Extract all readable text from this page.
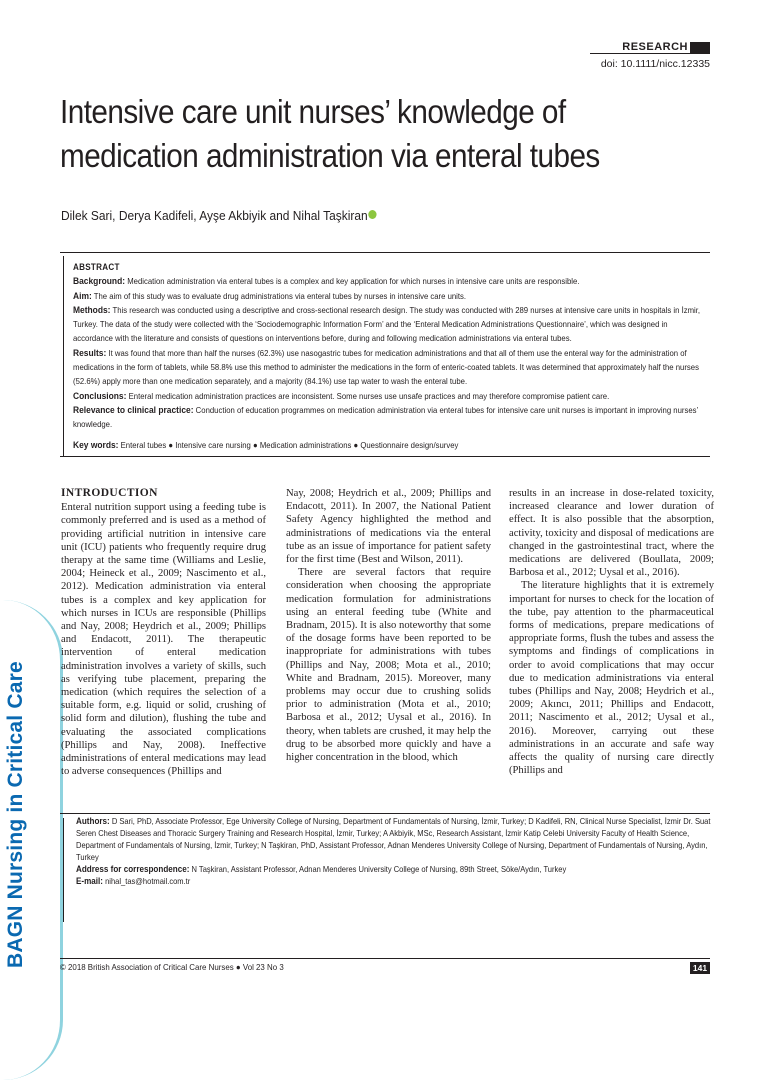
BAGN Nursing in Critical Care
RESEARCH
doi: 10.1111/nicc.12335
Intensive care unit nurses’ knowledge of medication administration via enteral tubes
Dilek Sari, Derya Kadifeli, Ayşe Akbiyik and Nihal Taşkiran
ABSTRACT
Background: Medication administration via enteral tubes is a complex and key application for which nurses in intensive care units are responsible.
Aim: The aim of this study was to evaluate drug administrations via enteral tubes by nurses in intensive care units.
Methods: This research was conducted using a descriptive and cross-sectional research design. The study was conducted with 289 nurses at intensive care units in hospitals in İzmir, Turkey. The data of the study were collected with the ‘Sociodemographic Information Form’ and the ‘Enteral Medication Administrations Questionnaire’, which was designed in accordance with the literature and consists of questions on interventions before, during and following medication administrations via enteral tubes.
Results: It was found that more than half the nurses (62.3%) use nasogastric tubes for medication administrations and that all of them use the enteral way for the administration of medications in the form of tablets, while 58.8% use this method to administer the medications in the form of enteric-coated tablets. It was determined that approximately half the nurses (52.6%) apply more than one medication separately, and a majority (84.1%) use tap water to wash the enteral tube.
Conclusions: Enteral medication administration practices are inconsistent. Some nurses use unsafe practices and may therefore compromise patient care.
Relevance to clinical practice: Conduction of education programmes on medication administration via enteral tubes for intensive care unit nurses is important in improving nurses’ knowledge.
Key words: Enteral tubes ● Intensive care nursing ● Medication administrations ● Questionnaire design/survey
INTRODUCTION

Enteral nutrition support using a feeding tube is commonly preferred and is used as a method of providing artificial nutrition in intensive care unit (ICU) patients who frequently require drug therapy at the same time (Williams and Leslie, 2004; Heineck et al., 2009; Nascimento et al., 2012). Medication administration via enteral tubes is a complex and key application for which nurses in ICUs are responsible (Phillips and Nay, 2008; Heydrich et al., 2009; Phillips and Endacott, 2011). The therapeutic intervention of enteral medication administration involves a variety of skills, such as verifying tube placement, preparing the medication (which requires the selection of a suitable form, e.g. liquid or solid, crushing of solid form and dilution), flushing the tube and evaluating the associated complications (Phillips and Nay, 2008). Ineffective administrations of enteral medications may lead to adverse consequences (Phillips and

Nay, 2008; Heydrich et al., 2009; Phillips and Endacott, 2011). In 2007, the National Patient Safety Agency highlighted the method and administrations of medications via the enteral tube as an issue of importance for patient safety for the first time (Best and Wilson, 2011).

There are several factors that require consideration when choosing the appropriate medication formulation for administrations using an enteral feeding tube (White and Bradnam, 2015). It is also noteworthy that some of the dosage forms have been reported to be inappropriate for administrations with tubes (Phillips and Nay, 2008; Mota et al., 2010; White and Bradnam, 2015). Moreover, many problems may occur due to crushing solids prior to administration (Mota et al., 2010; Barbosa et al., 2012; Uysal et al., 2016). In theory, when tablets are crushed, it may help the drug to be absorbed more quickly and have a higher concentration in the blood, which

results in an increase in dose-related toxicity, increased clearance and lower duration of effect. It is also possible that the absorption, activity, toxicity and disposal of medications are changed in the gastrointestinal tract, where the medications are delivered (Boullata, 2009; Barbosa et al., 2012; Uysal et al., 2016).

The literature highlights that it is extremely important for nurses to check for the location of the tube, pay attention to the pharmaceutical forms of medications, prepare medications of appropriate forms, flush the tubes and assess the symptoms and findings of complications in order to avoid complications that may occur due to medication administrations via enteral tubes (Phillips and Nay, 2008; Heydrich et al., 2009; Akıncı, 2011; Phillips and Endacott, 2011; Nascimento et al., 2012; Uysal et al., 2016). Moreover, carrying out these administrations in an accurate and safe way affects the quality of nursing care directly (Phillips and

Authors: D Sari, PhD, Associate Professor, Ege University College of Nursing, Department of Fundamentals of Nursing, İzmir, Turkey; D Kadifeli, RN, Clinical Nurse Specialist, İzmir Dr. Suat Seren Chest Diseases and Thoracic Surgery Training and Research Hospital, İzmir, Turkey; A Akbiyik, MSc, Research Assistant, İzmir Katip Celebi University Faculty of Health Science, Department of Fundamentals of Nursing, İzmir, Turkey; N Taşkiran, PhD, Assistant Professor, Adnan Menderes University College of Nursing, Department of Fundamentals of Nursing, Aydın, Turkey
Address for correspondence: N Taşkiran, Assistant Professor, Adnan Menderes University College of Nursing, 89th Street, Söke/Aydın, Turkey
E-mail: nihal_tas@hotmail.com.tr
© 2018 British Association of Critical Care Nurses ● Vol 23 No 3	141
